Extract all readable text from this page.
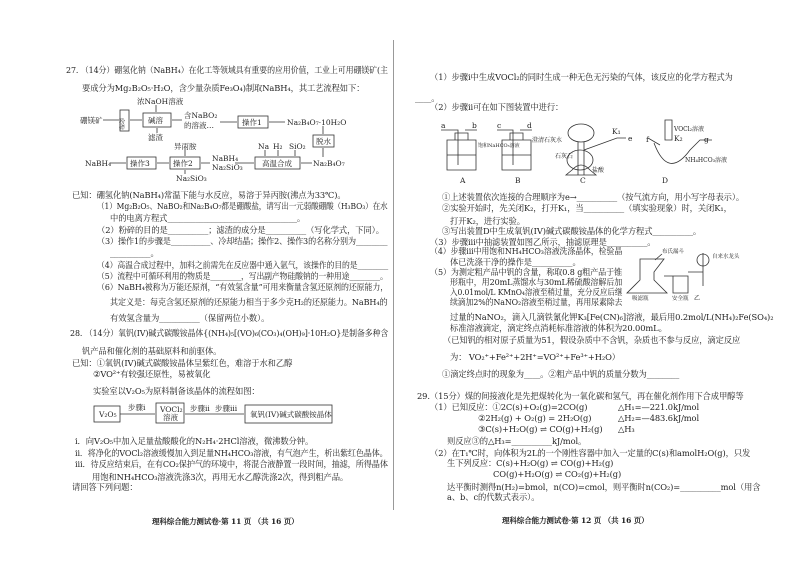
27. （14分）硼氢化钠（NaBH₄）在化工等领域具有重要的应用价值，工业上可用硼镁矿(主
要成分为Mg₂B₂O₅·H₂O，含少量杂质Fe₃O₄)制取NaBH₄，其工艺流程如下：
已知：硼氢化钠(NaBH₄)常温下能与水反应，易溶于异丙胺(沸点为33℃)。
（1）Mg₂B₂O₅、NaBO₂和Na₂B₄O₇都是硼酸盐，请写出一元弱酸硼酸（H₃BO₃）在水
中的电离方程式________________________________。
（2）粉碎的目的是__________；滤渣的成分是__________（写化学式，下同）。
（3）操作1的步骤是__________、冷却结晶；操作2、操作3的名称分别为________
__________。
（4）高温合成过程中，加料之前需先在反应器中通入氩气，该操作的目的是________
（5）流程中可循环利用的物质是________，写出副产物硅酸钠的一种用途________。
（6）NaBH₄被称为万能还原剂，“有效氢含量”可用来衡量含氢还原剂的还原能力，
其定义是：每克含氢还原剂的还原能力相当于多少克H₂的还原能力。NaBH₄的
有效氢含量为__________（保留两位小数）。
28. （14分）氧钒(IV)碱式碳酸铵晶体{(NH₄)₅[(VO)₆(CO₃)₄(OH)₉]·10H₂O}是制备多种含
钒产品和催化剂的基础原料和前驱体。
已知：①氧钒(IV)碱式碳酸铵晶体呈紫红色，难溶于水和乙醇
②VO²⁺有较强还原性，易被氧化
实验室以V₂O₅为原料制备该晶体的流程如图：
i．向V₂O₅中加入足量盐酸酸化的N₂H₄·2HCl溶液，微沸数分钟。
ii．将净化的VOCl₂溶液缓慢加入到足量NH₄HCO₃溶液，有气泡产生，析出紫红色晶体。
iii．待反应结束后，在有CO₂保护气的环境中，将混合液静置一段时间，抽滤，所得晶体
用饱和NH₄HCO₃溶液洗涤3次，再用无水乙醇洗涤2次，得到粗产品。
请回答下列问题：
理科综合能力测试卷·第 11 页 （共 16 页）
（1）步骤i中生成VOCl₂的同时生成一种无色无污染的气体，该反应的化学方程式为
____。
（2）步骤ii可在如下图装置中进行：
①上述装置依次连接的合理顺序为e→__________（按气流方向，用小写字母表示）。
②实验开始时，先关闭K₂，打开K₁，当__________（填实验现象）时，关闭K₁，
打开K₂，进行实验。
③写出装置D中生成氧钒(IV)碱式碳酸铵晶体的化学方程式__________。
（3）步骤iii中抽滤装置如图乙所示，抽滤原理是__________。
（4）步骤iii中用饱和NH₄HCO₃溶液洗涤晶体，检验晶
体已洗涤干净的操作是__________。
（5）为测定粗产品中钒的含量，称取0.8 g粗产品于锥
形瓶中，用20mL蒸馏水与30mL稀硫酸溶解后加
入0.01mol/L KMnO₄溶液至稍过量，充分反应后继
续滴加2%的NaNO₂溶液至稍过量，再用尿素除去
过量的NaNO₂，滴入几滴铁氰化钾K₃[Fe(CN)₆]溶液，最后用0.2mol/L(NH₄)₂Fe(SO₄)₂
标准溶液滴定，滴定终点消耗标准溶液的体积为20.00mL。
（已知钒的相对原子质量为51，假设杂质中不含钒，杂质也不参与反应，滴定反应
为： VO₂⁺+Fe²⁺+2H⁺=VO²⁺+Fe³⁺+H₂O）
①滴定终点时的现象为____。②粗产品中钒的质量分数为________
29.（15分）煤的间接液化是先把煤转化为一氧化碳和氢气，再在催化剂作用下合成甲醇等
（1）已知反应：①2C(s)+O₂(g)=2CO(g)
②2H₂(g) + O₂(g) = 2H₂O(g)
③C(s)+H₂O(g) ⇌ CO(g)+H₂(g)
则反应③的△H₃=__________kJ/mol。
（2）在T₁℃时，向体积为2L的一个刚性容器中加入一定量的C(s)和amolH₂O(g)，只发
生下列反应：C(s)+H₂O(g) ⇌ CO(g)+H₂(g)
CO(g)+H₂O(g) ⇌ CO₂(g)+H₂(g)
达平衡时测得n(H₂)=bmol，n(CO)=cmol，则平衡时n(CO₂)=__________mol（用含
a、b、c的代数式表示）。
理科综合能力测试卷·第 12 页 （共 16 页）
△H₁=—221.0kJ/mol
△H₂=—483.6kJ/mol
△H₃
硼镁矿	粉碎
浓NaOH溶液
碱溶
含NaBO₂
的溶液…	操作1	Na₂B₄O₇·10H₂O
滤渣	脱水
Na₂B₄O₇
高温合成
Na H₂ SiO₂
NaBH₄
Na₂SiO₃
操作2
异丙胺
Na₂SiO₃
操作3
NaBH₄
V₂O₅
步骤i VOCl₂
溶液
步骤ii 步骤iii
氧钒(IV)碱式碳酸铵晶体
a	b	c	d
e f	g
K₁
K₂
饱和NaHCO₃溶液
澄清石灰水
石灰石
盐酸
VOCl₂溶液
NH₄HCO₃溶液
A	B	C	D
布氏漏斗
自来水龙头
吸滤瓶	安全瓶 乙
